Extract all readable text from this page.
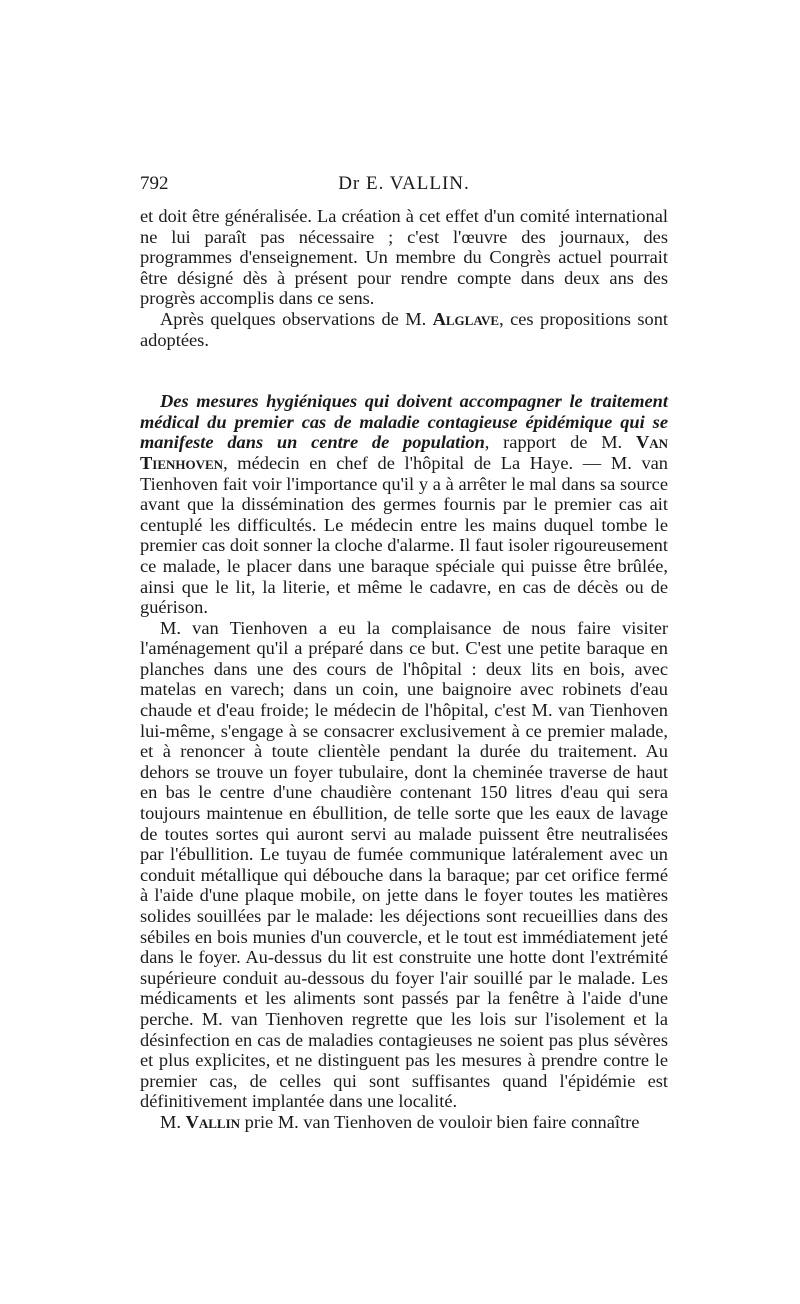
792	Dr E. VALLIN.

et doit être généralisée. La création à cet effet d'un comité international ne lui paraît pas nécessaire ; c'est l'œuvre des journaux, des programmes d'enseignement. Un membre du Congrès actuel pourrait être désigné dès à présent pour rendre compte dans deux ans des progrès accomplis dans ce sens.

Après quelques observations de M. Alglave, ces propositions sont adoptées.

Des mesures hygiéniques qui doivent accompagner le traitement médical du premier cas de maladie contagieuse épidémique qui se manifeste dans un centre de population, rapport de M. Van Tienhoven, médecin en chef de l'hôpital de La Haye. — M. van Tienhoven fait voir l'importance qu'il y a à arrêter le mal dans sa source avant que la dissémination des germes fournis par le premier cas ait centuplé les difficultés. Le médecin entre les mains duquel tombe le premier cas doit sonner la cloche d'alarme. Il faut isoler rigoureusement ce malade, le placer dans une baraque spéciale qui puisse être brûlée, ainsi que le lit, la literie, et même le cadavre, en cas de décès ou de guérison.

M. van Tienhoven a eu la complaisance de nous faire visiter l'aménagement qu'il a préparé dans ce but. C'est une petite baraque en planches dans une des cours de l'hôpital : deux lits en bois, avec matelas en varech; dans un coin, une baignoire avec robinets d'eau chaude et d'eau froide; le médecin de l'hôpital, c'est M. van Tienhoven lui-même, s'engage à se consacrer exclusivement à ce premier malade, et à renoncer à toute clientèle pendant la durée du traitement. Au dehors se trouve un foyer tubulaire, dont la cheminée traverse de haut en bas le centre d'une chaudière contenant 150 litres d'eau qui sera toujours maintenue en ébullition, de telle sorte que les eaux de lavage de toutes sortes qui auront servi au malade puissent être neutralisées par l'ébullition. Le tuyau de fumée communique latéralement avec un conduit métallique qui débouche dans la baraque; par cet orifice fermé à l'aide d'une plaque mobile, on jette dans le foyer toutes les matières solides souillées par le malade: les déjections sont recueillies dans des sébiles en bois munies d'un couvercle, et le tout est immédiatement jeté dans le foyer. Au-dessus du lit est construite une hotte dont l'extrémité supérieure conduit au-dessous du foyer l'air souillé par le malade. Les médicaments et les aliments sont passés par la fenêtre à l'aide d'une perche. M. van Tienhoven regrette que les lois sur l'isolement et la désinfection en cas de maladies contagieuses ne soient pas plus sévères et plus explicites, et ne distinguent pas les mesures à prendre contre le premier cas, de celles qui sont suffisantes quand l'épidémie est définitivement implantée dans une localité.

M. Vallin prie M. van Tienhoven de vouloir bien faire connaître
